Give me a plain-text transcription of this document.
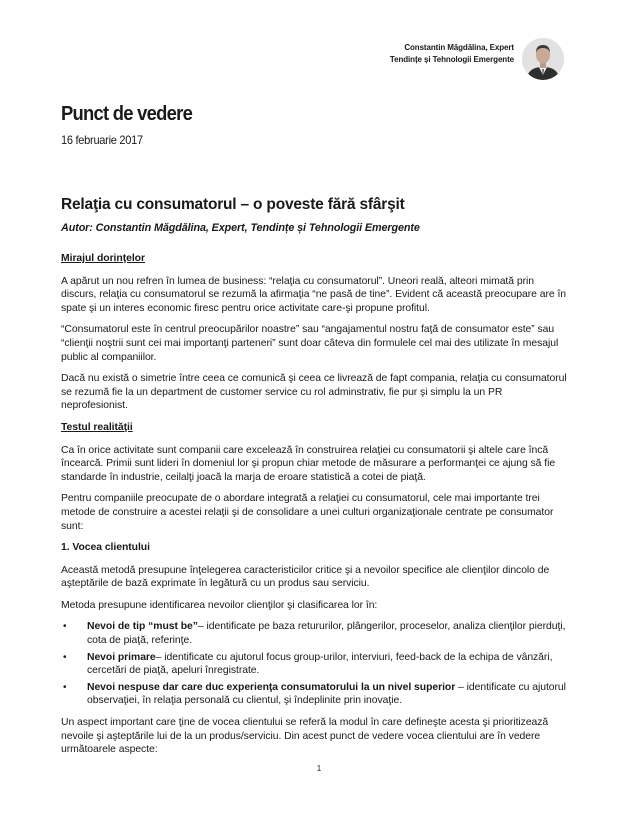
Constantin Măgdălina, Expert
Tendințe și Tehnologii Emergente
Punct de vedere
16 februarie 2017
Relaţia cu consumatorul – o poveste fără sfârşit
Autor: Constantin Măgdălina, Expert, Tendințe și Tehnologii Emergente

Mirajul dorinţelor

A apărut un nou refren în lumea de business: “relaţia cu consumatorul”. Uneori reală, alteori mimată prin discurs, relaţia cu consumatorul se rezumă la afirmaţia “ne pasă de tine”. Evident că această preocupare are în spate şi un interes economic firesc pentru orice activitate care-şi propune profitul.

“Consumatorul este în centrul preocupărilor noastre” sau “angajamentul nostru faţă de consumator este” sau “clienţii noştrii sunt cei mai importanţi parteneri” sunt doar câteva din formulele cel mai des utilizate în mesajul public al companiilor.

Dacă nu există o simetrie între ceea ce comunică şi ceea ce livrează de fapt compania, relaţia cu consumatorul se rezumă fie la un department de customer service cu rol adminstrativ, fie pur şi simplu la un PR neprofesionist.

Testul realităţii

Ca în orice activitate sunt companii care excelează în construirea relaţiei cu consumatorii şi altele care încă încearcă. Primii sunt lideri în domeniul lor şi propun chiar metode de măsurare a performanţei ce ajung să fie standarde în industrie, ceilalţi joacă la marja de eroare statistică a cotei de piaţă.

Pentru companiile preocupate de o abordare integrată a relaţiei cu consumatorul, cele mai importante trei metode de construire a acestei relaţii şi de consolidare a unei culturi organizaţionale centrate pe consumator sunt:

1. Vocea clientului

Această metodă presupune înţelegerea caracteristicilor critice şi a nevoilor specifice ale clienţilor dincolo de aşteptările de bază exprimate în legătură cu un produs sau serviciu.

Metoda presupune identificarea nevoilor clienţilor şi clasificarea lor în:

• Nevoi de tip “must be”– identificate pe baza retururilor, plângerilor, proceselor, analiza clienţilor pierduţi, cota de piaţă, referinţe.
• Nevoi primare– identificate cu ajutorul focus group-urilor, interviuri, feed-back de la echipa de vânzări, cercetări de piaţă, apeluri înregistrate.
• Nevoi nespuse dar care duc experienţa consumatorului la un nivel superior – identificate cu ajutorul observaţiei, în relaţia personală cu clientul, şi îndeplinite prin inovaţie.

Un aspect important care ţine de vocea clientului se referă la modul în care defineşte acesta şi prioritizează nevoile şi aşteptările lui de la un produs/serviciu. Din acest punct de vedere vocea clientului are în vedere următoarele aspecte:

1
